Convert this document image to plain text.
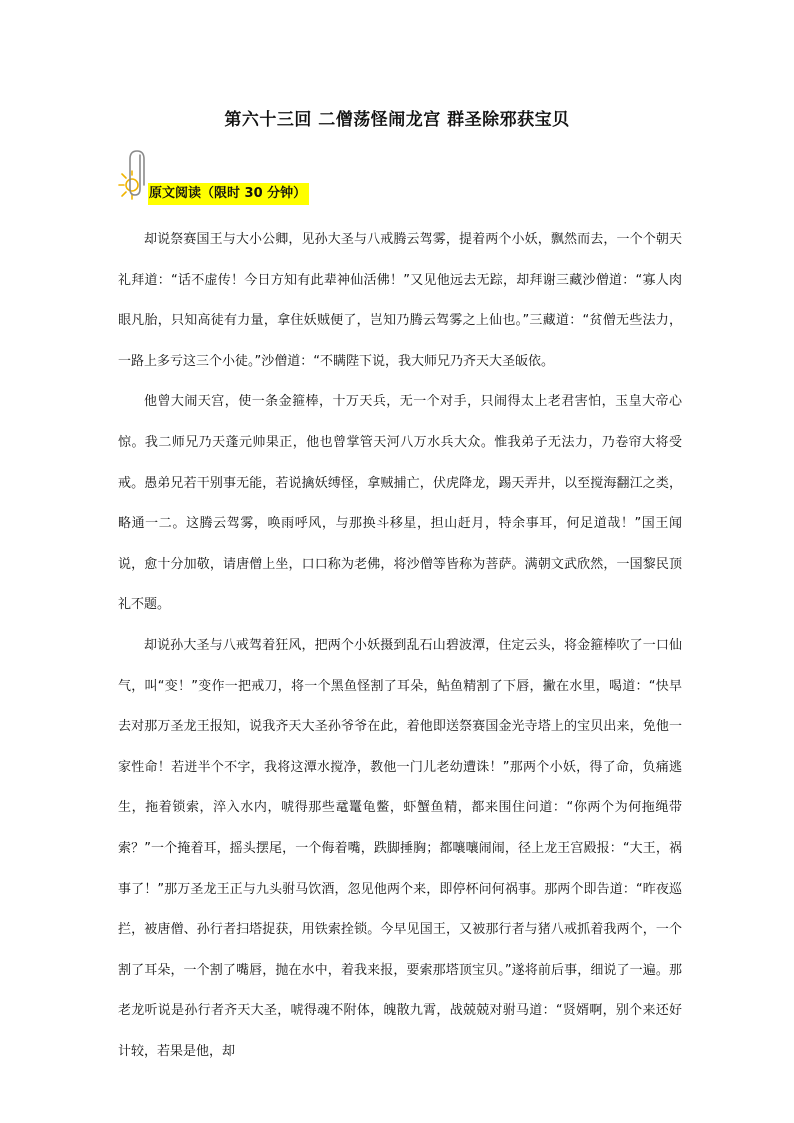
第六十三回 二僧荡怪闹龙宫 群圣除邪获宝贝
原文阅读（限时 30 分钟）

却说祭赛国王与大小公卿，见孙大圣与八戒腾云驾雾，提着两个小妖，飘然而去，一个个朝天礼拜道：“话不虚传！今日方知有此辈神仙活佛！”又见他远去无踪，却拜谢三藏沙僧道：“寡人肉眼凡胎，只知高徒有力量，拿住妖贼便了，岂知乃腾云驾雾之上仙也。”三藏道：“贫僧无些法力，一路上多亏这三个小徒。”沙僧道：“不瞒陛下说，我大师兄乃齐天大圣皈依。

他曾大闹天宫，使一条金箍棒，十万天兵，无一个对手，只闹得太上老君害怕，玉皇大帝心惊。我二师兄乃天蓬元帅果正，他也曾掌管天河八万水兵大众。惟我弟子无法力，乃卷帘大将受戒。愚弟兄若干别事无能，若说擒妖缚怪，拿贼捕亡，伏虎降龙，踢天弄井，以至搅海翻江之类，略通一二。这腾云驾雾，唤雨呼风，与那换斗移星，担山赶月，特余事耳，何足道哉！”国王闻说，愈十分加敬，请唐僧上坐，口口称为老佛，将沙僧等皆称为菩萨。满朝文武欣然，一国黎民顶礼不题。

却说孙大圣与八戒驾着狂风，把两个小妖摄到乱石山碧波潭，住定云头，将金箍棒吹了一口仙气，叫“变！”变作一把戒刀，将一个黑鱼怪割了耳朵，鲇鱼精割了下唇，撇在水里，喝道：“快早去对那万圣龙王报知，说我齐天大圣孙爷爷在此，着他即送祭赛国金光寺塔上的宝贝出来，免他一家性命！若迸半个不字，我将这潭水搅净，教他一门儿老幼遭诛！”那两个小妖，得了命，负痛逃生，拖着锁索，淬入水内，唬得那些鼋鼍龟鳖，虾蟹鱼精，都来围住问道：“你两个为何拖绳带索？”一个掩着耳，摇头摆尾，一个侮着嘴，跌脚捶胸；都嚷嚷闹闹，径上龙王宫殿报：“大王，祸事了！”那万圣龙王正与九头驸马饮酒，忽见他两个来，即停杯问何祸事。那两个即告道：“昨夜巡拦，被唐僧、孙行者扫塔捉获，用铁索拴锁。今早见国王，又被那行者与猪八戒抓着我两个，一个割了耳朵，一个割了嘴唇，抛在水中，着我来报，要索那塔顶宝贝。”遂将前后事，细说了一遍。那老龙听说是孙行者齐天大圣，唬得魂不附体，魄散九霄，战兢兢对驸马道：“贤婿啊，别个来还好计较，若果是他，却
